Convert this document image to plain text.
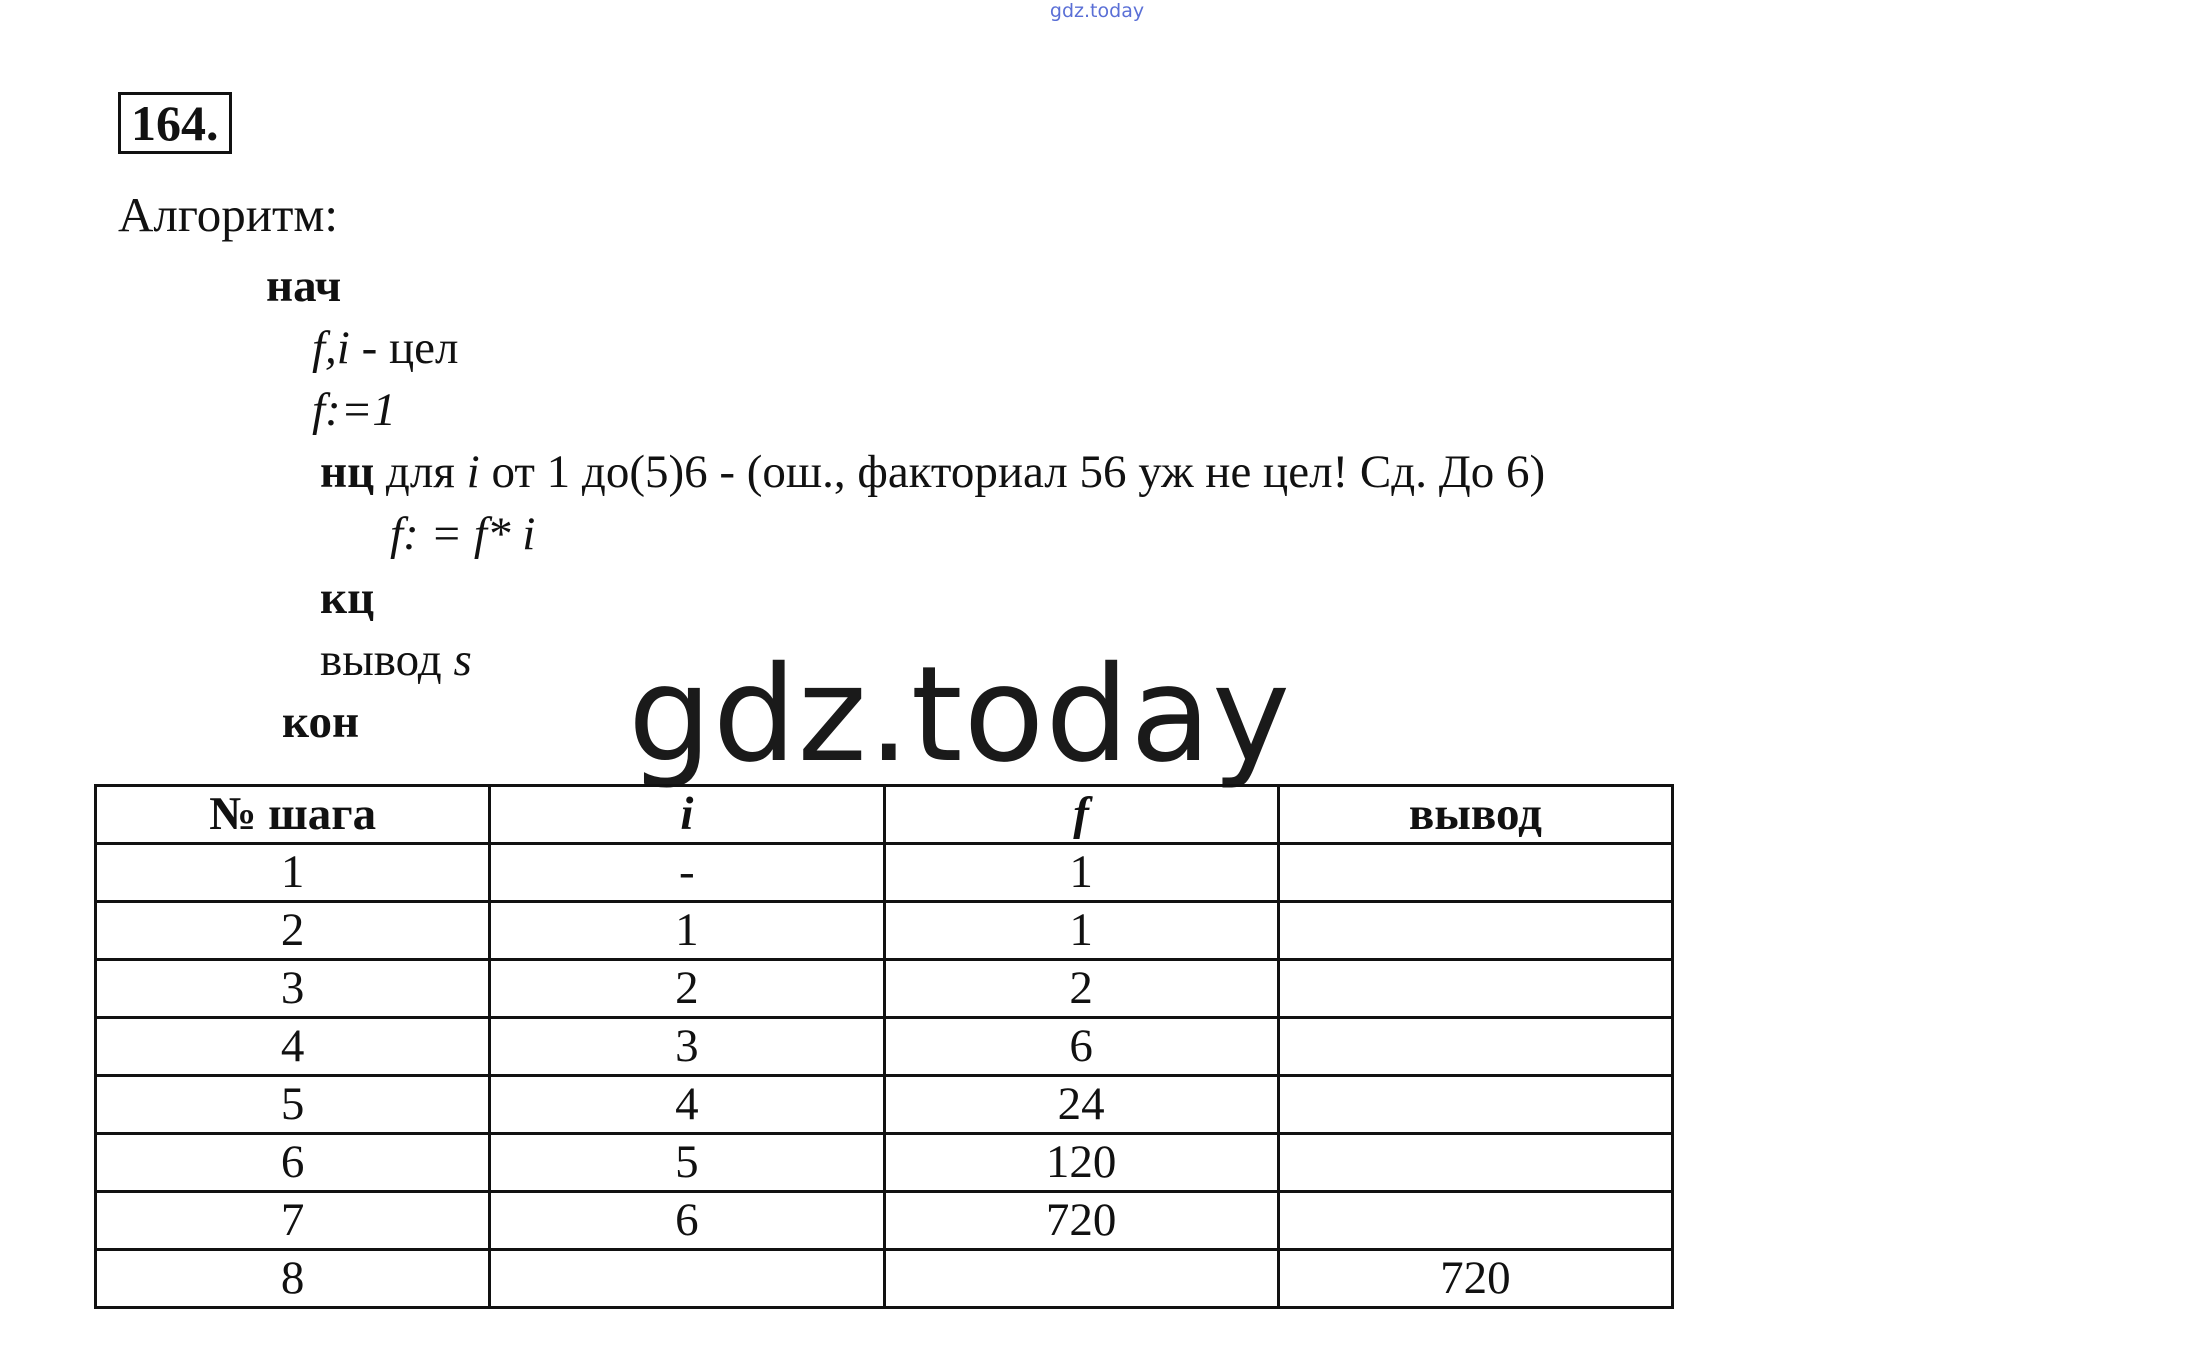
gdz.today
164.
Алгоритм:
нач
f,i - цел
f:=1
нц для i от 1 до(5)6 - (ош., факториал 56 уж не цел! Сд. До 6)
f: = f* i
кц
вывод s
кон gdz.today
№ шага	i	f	вывод
1	-	1	
2	1	1	
3	2	2	
4	3	6	
5	4	24	
6	5	120	
7	6	720	
8			720
